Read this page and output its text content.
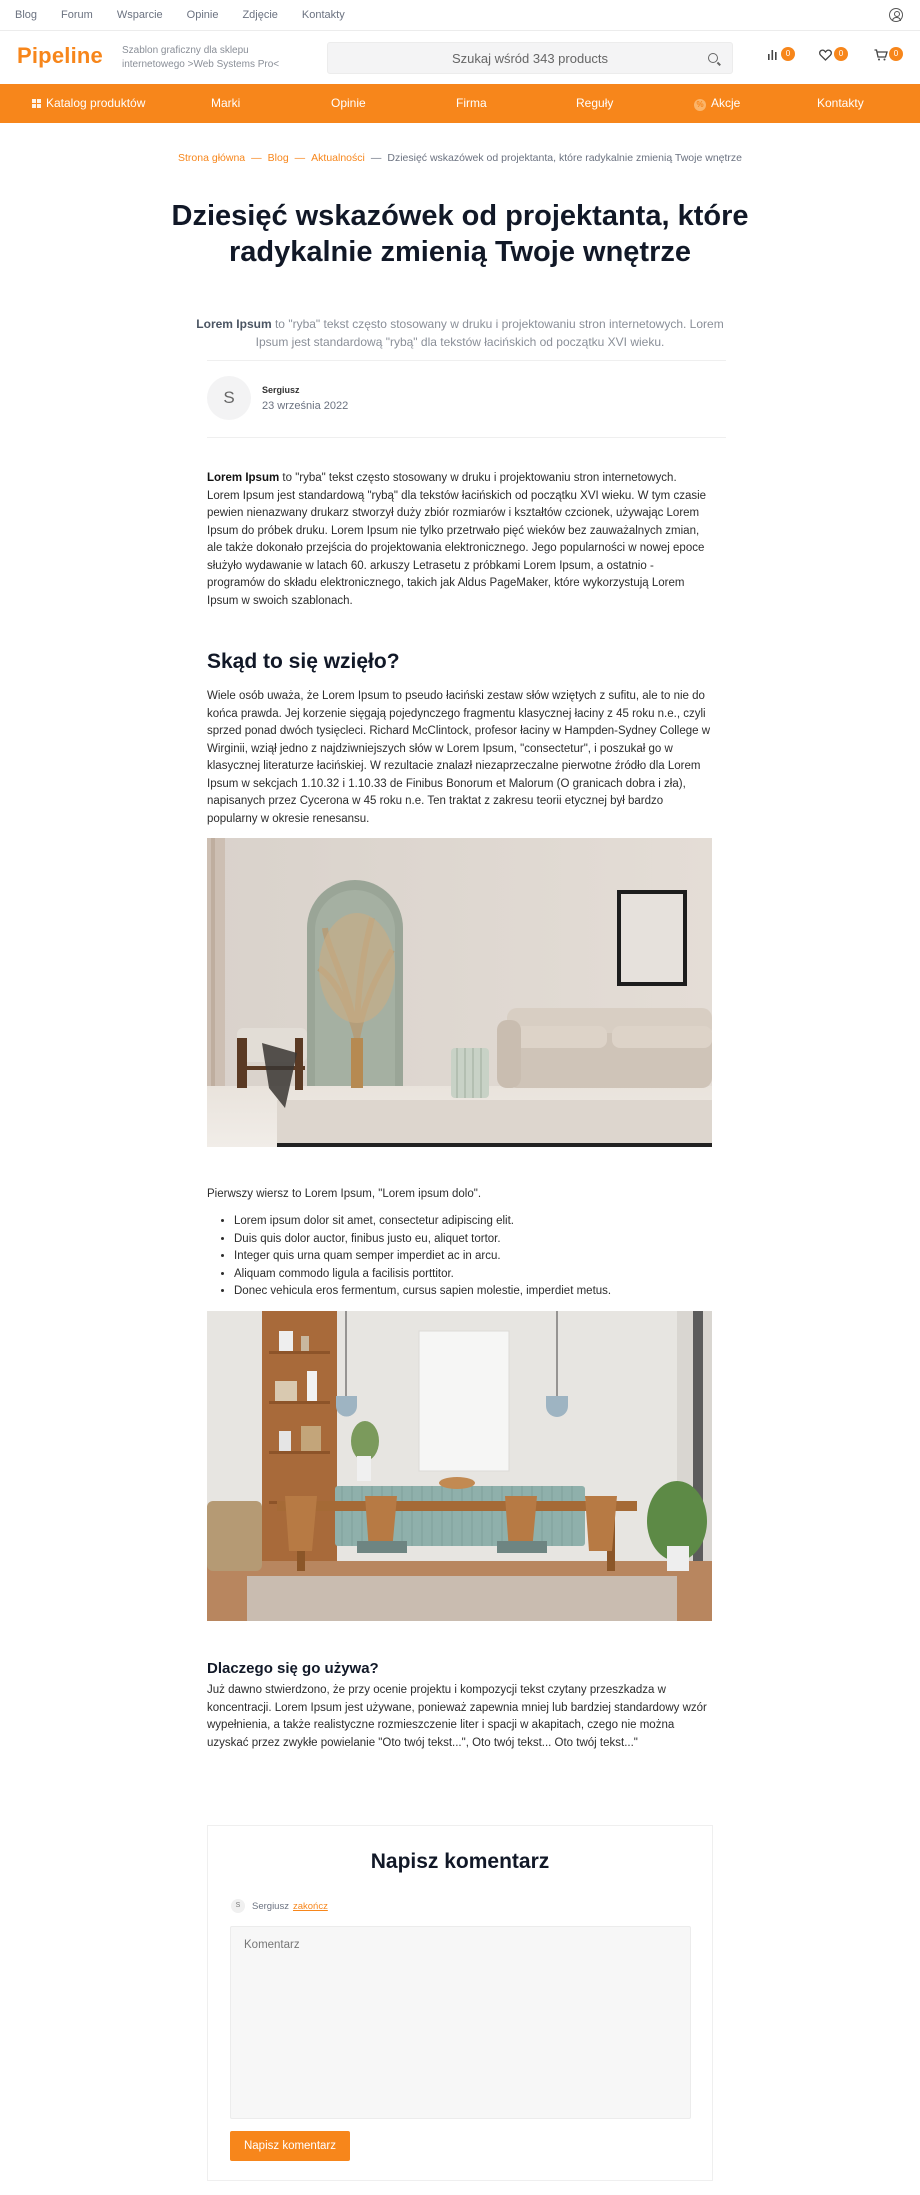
Blog Forum Wsparcie Opinie Zdjęcie Kontakty
Pipeline Szablon graficzny dla sklepu internetowego >Web Systems Pro<
Szukaj wśród 343 products
0	0	0
Katalog produktów	Marki	Opinie	Firma	Reguły	% Akcje	Kontakty
Strona główna — Blog — Aktualności — Dziesięć wskazówek od projektanta, które radykalnie zmienią Twoje wnętrze
Dziesięć wskazówek od projektanta, które radykalnie zmienią Twoje wnętrze

Lorem Ipsum to "ryba" tekst często stosowany w druku i projektowaniu stron internetowych. Lorem Ipsum jest standardową "rybą" dla tekstów łacińskich od początku XVI wieku.

S	Sergiusz
23 września 2022

Lorem Ipsum to "ryba" tekst często stosowany w druku i projektowaniu stron internetowych. Lorem Ipsum jest standardową "rybą" dla tekstów łacińskich od początku XVI wieku. W tym czasie pewien nienazwany drukarz stworzył duży zbiór rozmiarów i kształtów czcionek, używając Lorem Ipsum do próbek druku. Lorem Ipsum nie tylko przetrwało pięć wieków bez zauważalnych zmian, ale także dokonało przejścia do projektowania elektronicznego. Jego popularności w nowej epoce służyło wydawanie w latach 60. arkuszy Letrasetu z próbkami Lorem Ipsum, a ostatnio - programów do składu elektronicznego, takich jak Aldus PageMaker, które wykorzystują Lorem Ipsum w swoich szablonach.

Skąd to się wzięło?

Wiele osób uważa, że Lorem Ipsum to pseudo łaciński zestaw słów wziętych z sufitu, ale to nie do końca prawda. Jej korzenie sięgają pojedynczego fragmentu klasycznej łaciny z 45 roku n.e., czyli sprzed ponad dwóch tysięcleci. Richard McClintock, profesor łaciny w Hampden-Sydney College w Wirginii, wziął jedno z najdziwniejszych słów w Lorem Ipsum, "consectetur", i poszukał go w klasycznej literaturze łacińskiej. W rezultacie znalazł niezaprzeczalne pierwotne źródło dla Lorem Ipsum w sekcjach 1.10.32 i 1.10.33 de Finibus Bonorum et Malorum (O granicach dobra i zła), napisanych przez Cycerona w 45 roku n.e. Ten traktat z zakresu teorii etycznej był bardzo popularny w okresie renesansu.

Pierwszy wiersz to Lorem Ipsum, "Lorem ipsum dolo".

• Lorem ipsum dolor sit amet, consectetur adipiscing elit.
• Duis quis dolor auctor, finibus justo eu, aliquet tortor.
• Integer quis urna quam semper imperdiet ac in arcu.
• Aliquam commodo ligula a facilisis porttitor.
• Donec vehicula eros fermentum, cursus sapien molestie, imperdiet metus.
Dlaczego się go używa?

Już dawno stwierdzono, że przy ocenie projektu i kompozycji tekst czytany przeszkadza w koncentracji. Lorem Ipsum jest używane, ponieważ zapewnia mniej lub bardziej standardowy wzór wypełnienia, a także realistyczne rozmieszczenie liter i spacji w akapitach, czego nie można uzyskać przez zwykłe powielanie "Oto twój tekst...", Oto twój tekst... Oto twój tekst..."

Napisz komentarz
S	Sergiusz zakończ
Komentarz
Napisz komentarz
